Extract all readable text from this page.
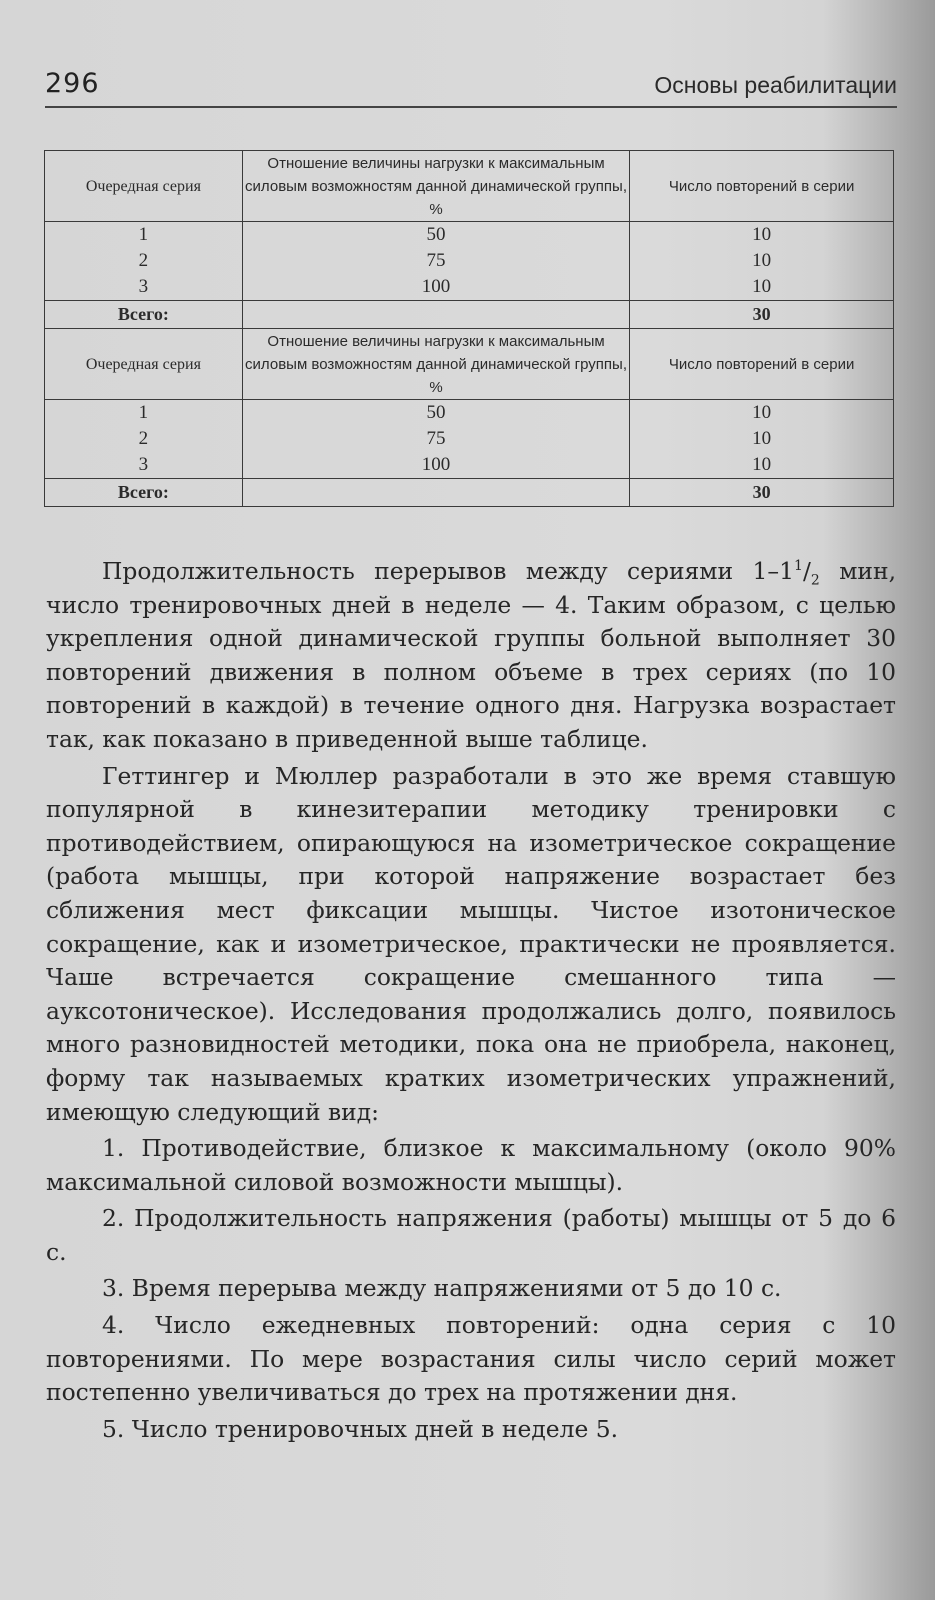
296	Основы реабилитации
Очередная серия	Отношение величины нагрузки к максимальным силовым возможностям данной динамической группы, %	Число повторений в серии
1	50	10
2	75	10
3	100	10
Всего:		30
Очередная серия	Отношение величины нагрузки к максимальным силовым возможностям данной динамической группы, %	Число повторений в серии
1	50	10
2	75	10
3	100	10
Всего:		30

Продолжительность перерывов между сериями $1-1^1/_2$ мин, число тренировочных дней в неделе — 4. Таким образом, с целью укрепления одной динамической группы больной выполняет 30 повторений движения в полном объеме в трех сериях (по 10 повторений в каждой) в течение одного дня. Нагрузка возрастает так, как показано в приведенной выше таблице.

Геттингер и Мюллер разработали в это же время ставшую популярной в кинезитерапии методику тренировки с противодействием, опирающуюся на изометрическое сокращение (работа мышцы, при которой напряжение возрастает без сближения мест фиксации мышцы. Чистое изотоническое сокращение, как и изометрическое, практически не проявляется. Чаше встречается сокращение смешанного типа — ауксотоническое). Исследования продолжались долго, появилось много разновидностей методики, пока она не приобрела, наконец, форму так называемых кратких изометрических упражнений, имеющую следующий вид:

1. Противодействие, близкое к максимальному (около 90% максимальной силовой возможности мышцы).

2. Продолжительность напряжения (работы) мышцы от 5 до 6 с.

3. Время перерыва между напряжениями от 5 до 10 с.

4. Число ежедневных повторений: одна серия с 10 повторениями. По мере возрастания силы число серий может постепенно увеличиваться до трех на протяжении дня.

5. Число тренировочных дней в неделе 5.
